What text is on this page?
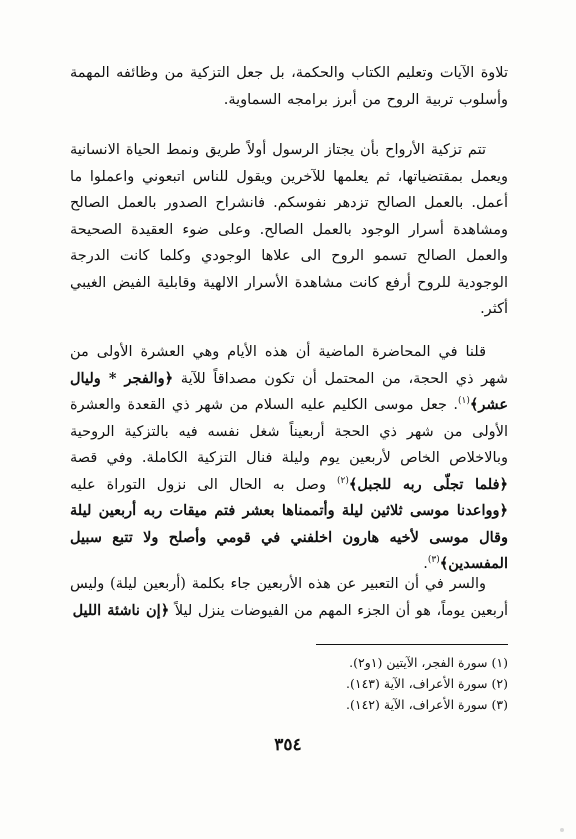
تلاوة الآيات وتعليم الكتاب والحكمة، بل جعل التزكية من وظائفه المهمة وأسلوب تربية الروح من أبرز برامجه السماوية.

تتم تزكية الأرواح بأن يجتاز الرسول أولاً طريق ونمط الحياة الانسانية ويعمل بمقتضياتها، ثم يعلمها للآخرين ويقول للناس اتبعوني واعملوا ما أعمل. بالعمل الصالح تزدهر نفوسكم. فانشراح الصدور بالعمل الصالح ومشاهدة أسرار الوجود بالعمل الصالح. وعلى ضوء العقيدة الصحيحة والعمل الصالح تسمو الروح الى علاها الوجودي وكلما كانت الدرجة الوجودية للروح أرفع كانت مشاهدة الأسرار الالهية وقابلية الفيض الغيبي أكثر.

قلنا في المحاضرة الماضية أن هذه الأيام وهي العشرة الأولى من شهر ذي الحجة، من المحتمل أن تكون مصداقاً للآية ﴿والفجر * وليال عشر﴾$^{(١)}$. جعل موسى الكليم عليه السلام من شهر ذي القعدة والعشرة الأولى من شهر ذي الحجة أربعيناً شغل نفسه فيه بالتزكية الروحية وبالاخلاص الخاص لأربعين يوم وليلة فنال التزكية الكاملة. وفي قصة ﴿فلما تجلّى ربه للجبل﴾$^{(٢)}$ وصل به الحال الى نزول التوراة عليه ﴿وواعدنا موسى ثلاثين ليلة وأتممناها بعشر فتم ميقات ربه أربعين ليلة وقال موسى لأخيه هارون اخلفني في قومي وأصلح ولا تتبع سبيل المفسدين﴾$^{(٣)}$.

والسر في أن التعبير عن هذه الأربعين جاء بكلمة (أربعين ليلة) وليس أربعين يوماً، هو أن الجزء المهم من الفيوضات ينزل ليلاً ﴿إن ناشئة الليل

(١) سورة الفجر، الآيتين (١و٢).

(٢) سورة الأعراف، الآية (١٤٣).

(٣) سورة الأعراف، الآية (١٤٢).

٣٥٤
